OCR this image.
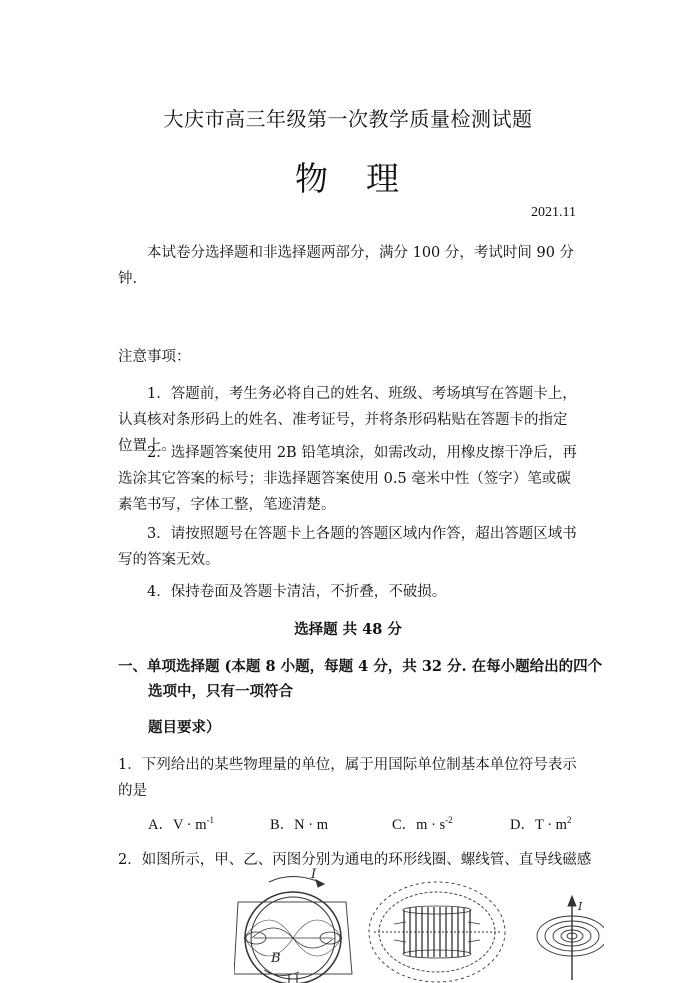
大庆市高三年级第一次教学质量检测试题
物 理
2021.11
本试卷分选择题和非选择题两部分，满分 100 分，考试时间 90 分钟.
注意事项：
1．答题前，考生务必将自己的姓名、班级、考场填写在答题卡上，认真核对条形码上的姓名、准考证号，并将条形码粘贴在答题卡的指定位置上。
2．选择题答案使用 2B 铅笔填涂，如需改动，用橡皮擦干净后，再选涂其它答案的标号；非选择题答案使用 0.5 毫米中性（签字）笔或碳素笔书写，字体工整，笔迹清楚。
3．请按照题号在答题卡上各题的答题区域内作答，超出答题区域书写的答案无效。
4．保持卷面及答题卡清洁，不折叠，不破损。
选择题 共 48 分
一、单项选择题 (本题 8 小题，每题 4 分，共 32 分. 在每小题给出的四个
选项中，只有一项符合
题目要求）
1．下列给出的某些物理量的单位，属于用国际单位制基本单位符号表示的是
A．$V \cdot m^{-1}$	B．N · m	C．$m \cdot s^{-2}$	D．$T \cdot m^2$
2．如图所示，甲、乙、丙图分别为通电的环形线圈、螺线管、直导线磁感
I
B
I
